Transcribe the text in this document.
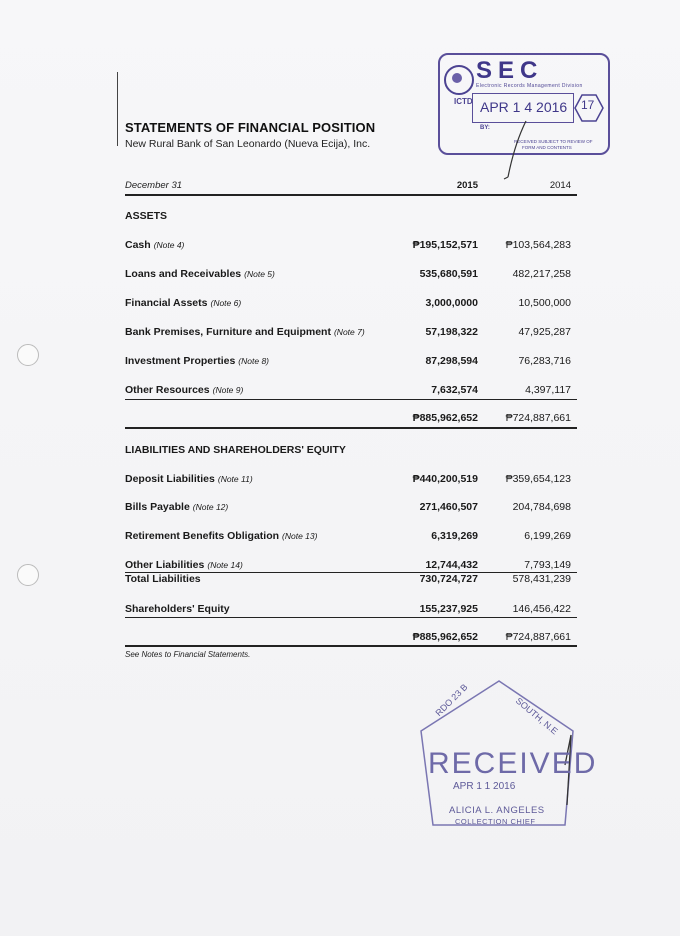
STATEMENTS OF FINANCIAL POSITION
New Rural Bank of San Leonardo (Nueva Ecija), Inc.
SEC
Electronic Records Management Division
ICTD APR 1 4 2016
BY:
RECEIVED SUBJECT TO REVIEW OF
FORM AND CONTENTS
17
December 31	2015	2014
ASSETS
Cash (Note 4)	₱195,152,571	₱103,564,283
Loans and Receivables (Note 5)	535,680,591	482,217,258
Financial Assets (Note 6)	3,000,0000	10,500,000
Bank Premises, Furniture and Equipment (Note 7)	57,198,322	47,925,287
Investment Properties (Note 8)	87,298,594	76,283,716
Other Resources (Note 9)	7,632,574	4,397,117
₱885,962,652	₱724,887,661
LIABILITIES AND SHAREHOLDERS' EQUITY
Deposit Liabilities (Note 11)	₱440,200,519	₱359,654,123
Bills Payable (Note 12)	271,460,507	204,784,698
Retirement Benefits Obligation (Note 13)	6,319,269	6,199,269
Other Liabilities (Note 14)	12,744,432	7,793,149
Total Liabilities	730,724,727	578,431,239
Shareholders' Equity	155,237,925	146,456,422
₱885,962,652	₱724,887,661
See Notes to Financial Statements.
RDO 23 B	SOUTH, N.E
RECEIVED
APR 1 1 2016
ALICIA L. ANGELES
COLLECTION CHIEF
